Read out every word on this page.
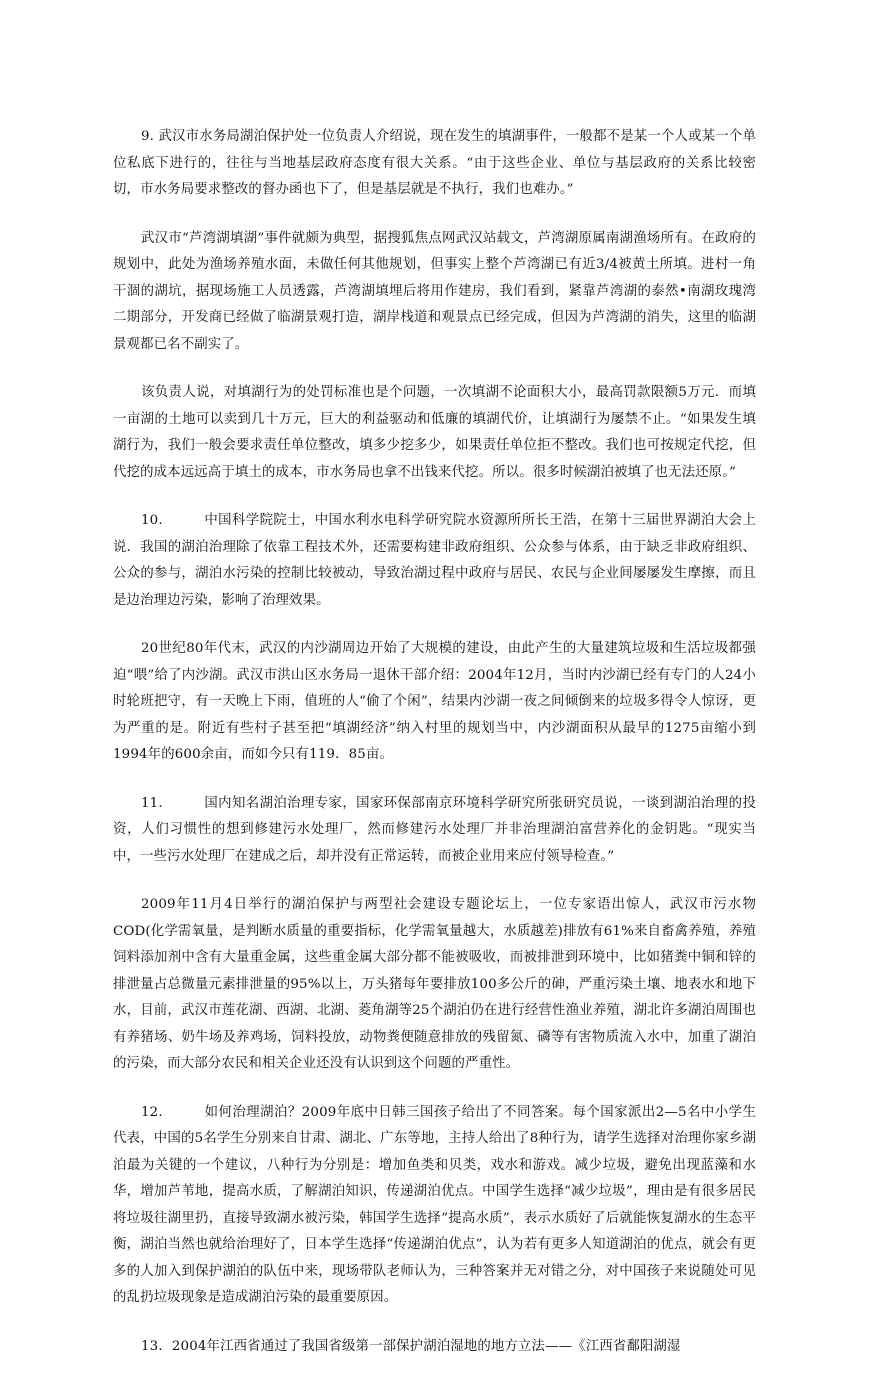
9. 武汉市水务局湖泊保护处一位负责人介绍说，现在发生的填湖事件，一般都不是某一个人或某一个单位私底下进行的，往往与当地基层政府态度有很大关系。“由于这些企业、单位与基层政府的关系比较密切，市水务局要求整改的督办函也下了，但是基层就是不执行，我们也难办。”

武汉市“芦湾湖填湖”事件就颇为典型，据搜狐焦点网武汉站载文，芦湾湖原属南湖渔场所有。在政府的规划中，此处为渔场养殖水面，未做任何其他规划，但事实上整个芦湾湖已有近3/4被黄土所填。进村一角干涸的湖坑，据现场施工人员透露，芦湾湖填埋后将用作建房，我们看到，紧靠芦湾湖的泰然•南湖玫瑰湾二期部分，开发商已经做了临湖景观打造，湖岸栈道和观景点已经完成，但因为芦湾湖的消失，这里的临湖景观都已名不副实了。

该负责人说，对填湖行为的处罚标准也是个问题，一次填湖不论面积大小，最高罚款限额5万元．而填一亩湖的土地可以卖到几十万元，巨大的利益驱动和低廉的填湖代价，让填湖行为屡禁不止。“如果发生填湖行为，我们一般会要求责任单位整改，填多少挖多少，如果责任单位拒不整改。我们也可按规定代挖，但代挖的成本远远高于填土的成本，市水务局也拿不出钱来代挖。所以。很多时候湖泊被填了也无法还原。”

10.　　　中国科学院院士，中国水利水电科学研究院水资源所所长王浩，在第十三届世界湖泊大会上说．我国的湖泊治理除了依靠工程技术外，还需要构建非政府组织、公众参与体系，由于缺乏非政府组织、公众的参与，湖泊水污染的控制比较被动，导致治湖过程中政府与居民、农民与企业间屡屡发生摩擦，而且是边治理边污染，影响了治理效果。

20世纪80年代末，武汉的内沙湖周边开始了大规模的建设，由此产生的大量建筑垃圾和生活垃圾都强迫“喂”给了内沙湖。武汉市洪山区水务局一退休干部介绍：2004年12月，当时内沙湖已经有专门的人24小时轮班把守，有一天晚上下雨，值班的人“偷了个闲”，结果内沙湖一夜之间倾倒来的垃圾多得令人惊讶，更为严重的是。附近有些村子甚至把“填湖经济”纳入村里的规划当中，内沙湖面积从最早的1275亩缩小到1994年的600余亩，而如今只有119．85亩。

11.　　　国内知名湖泊治理专家，国家环保部南京环境科学研究所张研究员说，一谈到湖泊治理的投资，人们习惯性的想到修建污水处理厂，然而修建污水处理厂并非治理湖泊富营养化的金钥匙。“现实当中，一些污水处理厂在建成之后，却并没有正常运转，而被企业用来应付领导检查。”

2009年11月4日举行的湖泊保护与两型社会建设专题论坛上，一位专家语出惊人，武汉市污水物COD(化学需氧量，是判断水质量的重要指标，化学需氧量越大，水质越差)排放有61%来自畜禽养殖，养殖饲料添加剂中含有大量重金属，这些重金属大部分都不能被吸收，而被排泄到环境中，比如猪粪中铜和锌的排泄量占总微量元素排泄量的95%以上，万头猪每年要排放100多公斤的砷，严重污染土壤、地表水和地下水，目前，武汉市莲花湖、西湖、北湖、菱角湖等25个湖泊仍在进行经营性渔业养殖，湖北许多湖泊周围也有养猪场、奶牛场及养鸡场，饲料投放，动物粪便随意排放的残留氮、磷等有害物质流入水中，加重了湖泊的污染，而大部分农民和相关企业还没有认识到这个问题的严重性。

12.　　　如何治理湖泊？2009年底中日韩三国孩子给出了不同答案。每个国家派出2—5名中小学生代表，中国的5名学生分别来自甘肃、湖北、广东等地，主持人给出了8种行为，请学生选择对治理你家乡湖泊最为关键的一个建议，八种行为分别是：增加鱼类和贝类，戏水和游戏。减少垃圾，避免出现蓝藻和水华，增加芦苇地，提高水质，了解湖泊知识，传递湖泊优点。中国学生选择“减少垃圾”，理由是有很多居民将垃圾往湖里扔，直接导致湖水被污染，韩国学生选择“提高水质”，表示水质好了后就能恢复湖水的生态平衡，湖泊当然也就给治理好了，日本学生选择“传递湖泊优点”，认为若有更多人知道湖泊的优点，就会有更多的人加入到保护湖泊的队伍中来，现场带队老师认为，三种答案并无对错之分，对中国孩子来说随处可见的乱扔垃圾现象是造成湖泊污染的最重要原因。

13．2004年江西省通过了我国省级第一部保护湖泊湿地的地方立法——《江西省鄱阳湖湿
